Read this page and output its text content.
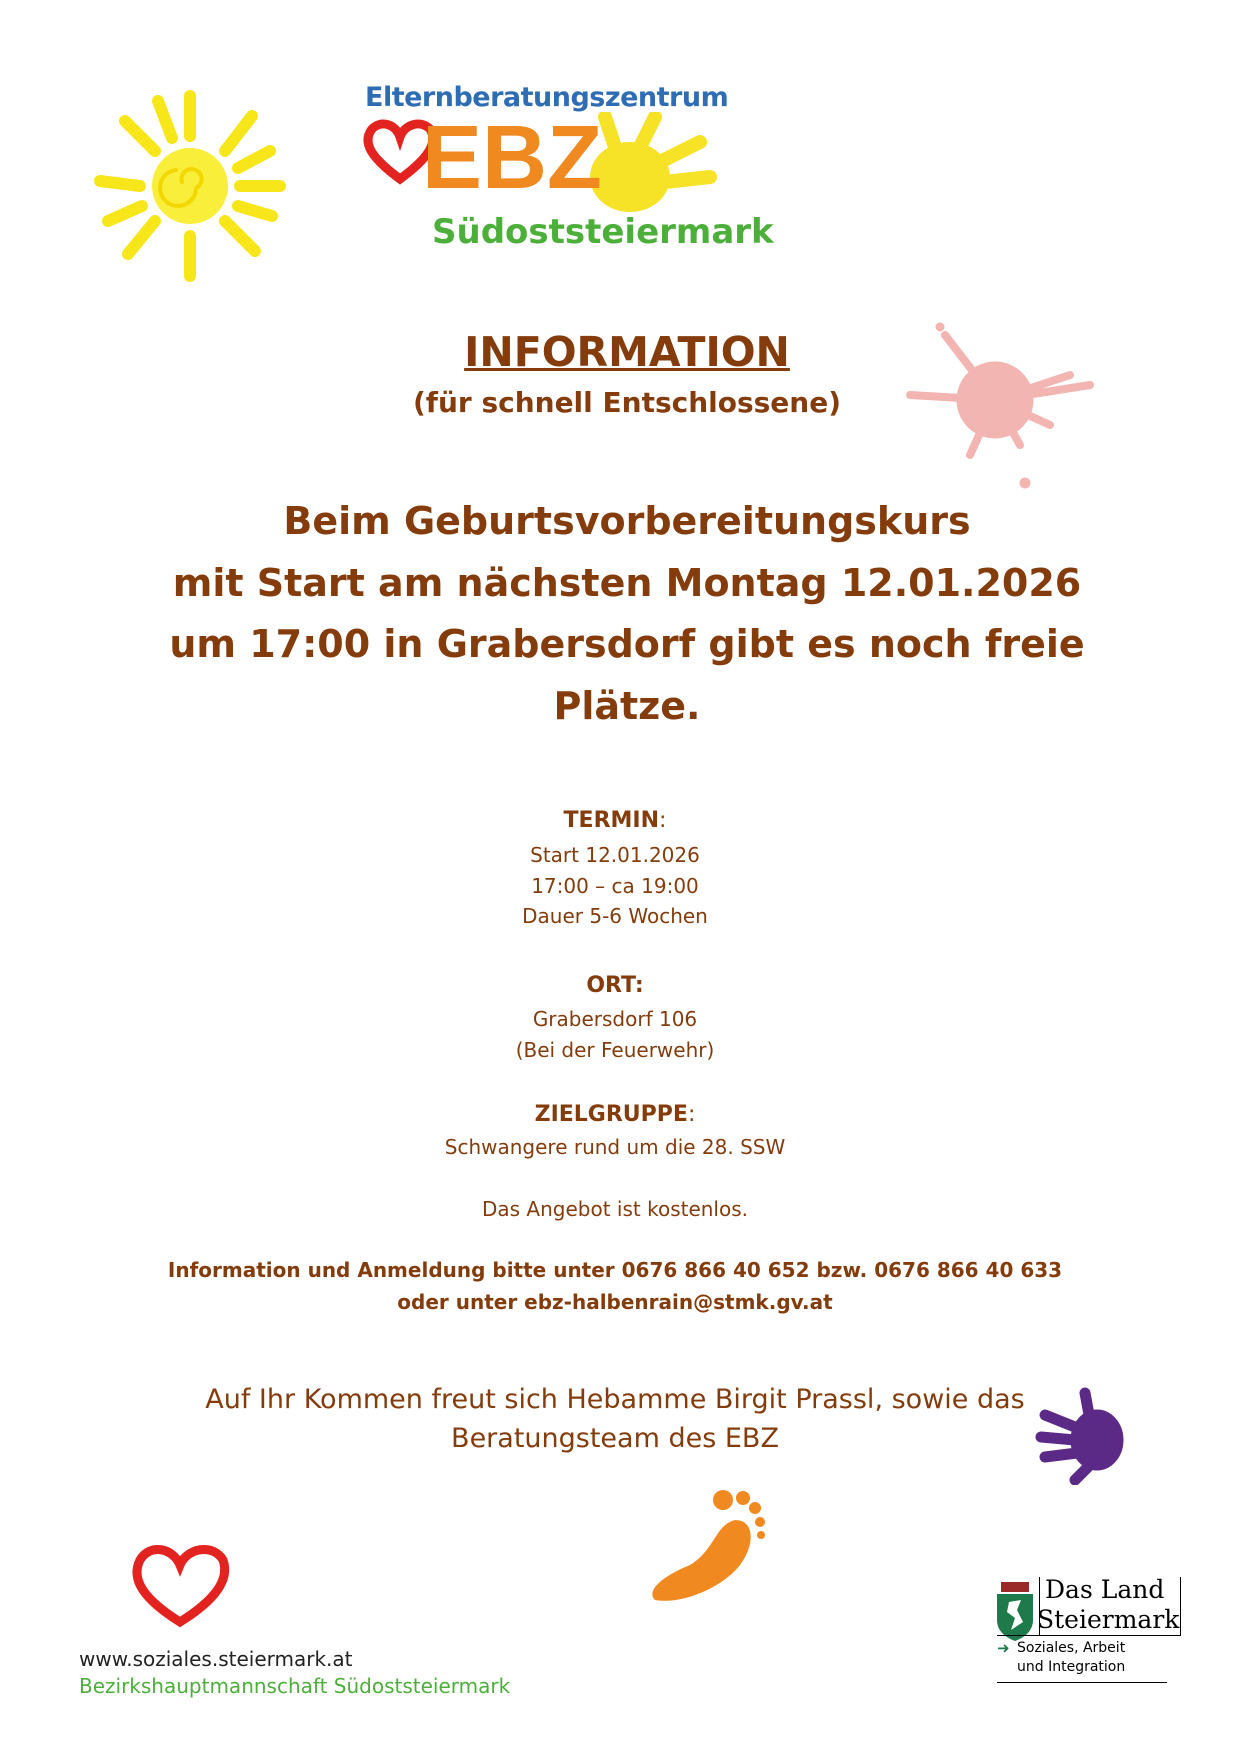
Elternberatungszentrum
EBZ
Südoststeiermark
INFORMATION
(für schnell Entschlossene)
Beim Geburtsvorbereitungskurs
mit Start am nächsten Montag 12.01.2026
um 17:00 in Grabersdorf gibt es noch freie
Plätze.
TERMIN:
Start 12.01.2026
17:00 – ca 19:00
Dauer 5-6 Wochen
ORT:
Grabersdorf 106
(Bei der Feuerwehr)
ZIELGRUPPE:
Schwangere rund um die 28. SSW
Das Angebot ist kostenlos.
Information und Anmeldung bitte unter 0676 866 40 652 bzw. 0676 866 40 633
oder unter ebz-halbenrain@stmk.gv.at
Auf Ihr Kommen freut sich Hebamme Birgit Prassl, sowie das
Beratungsteam des EBZ
www.soziales.steiermark.at
Bezirkshauptmannschaft Südoststeiermark
Das Land
Steiermark
➜ Soziales, Arbeit
und Integration
